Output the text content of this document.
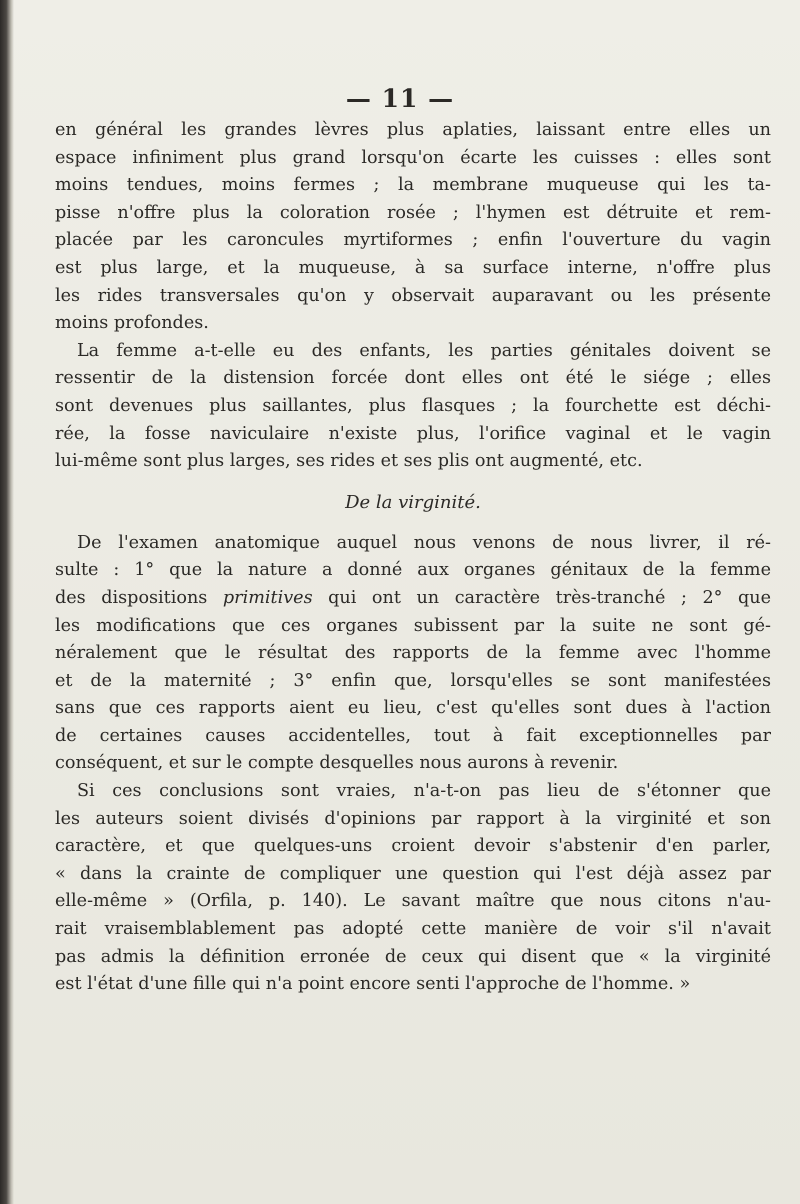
— 11 —
en général les grandes lèvres plus aplaties, laissant entre elles un
espace infiniment plus grand lorsqu'on écarte les cuisses : elles sont
moins tendues, moins fermes ; la membrane muqueuse qui les ta-
pisse n'offre plus la coloration rosée ; l'hymen est détruite et rem-
placée par les caroncules myrtiformes ; enfin l'ouverture du vagin
est plus large, et la muqueuse, à sa surface interne, n'offre plus
les rides transversales qu'on y observait auparavant ou les présente
moins profondes.
La femme a-t-elle eu des enfants, les parties génitales doivent se
ressentir de la distension forcée dont elles ont été le siége ; elles
sont devenues plus saillantes, plus flasques ; la fourchette est déchi-
rée, la fosse naviculaire n'existe plus, l'orifice vaginal et le vagin
lui-même sont plus larges, ses rides et ses plis ont augmenté, etc.
De la virginité.
De l'examen anatomique auquel nous venons de nous livrer, il ré-
sulte : 1° que la nature a donné aux organes génitaux de la femme
des dispositions primitives qui ont un caractère très-tranché ; 2° que
les modifications que ces organes subissent par la suite ne sont gé-
néralement que le résultat des rapports de la femme avec l'homme
et de la maternité ; 3° enfin que, lorsqu'elles se sont manifestées
sans que ces rapports aient eu lieu, c'est qu'elles sont dues à l'action
de certaines causes accidentelles, tout à fait exceptionnelles par
conséquent, et sur le compte desquelles nous aurons à revenir.
Si ces conclusions sont vraies, n'a-t-on pas lieu de s'étonner que
les auteurs soient divisés d'opinions par rapport à la virginité et son
caractère, et que quelques-uns croient devoir s'abstenir d'en parler,
« dans la crainte de compliquer une question qui l'est déjà assez par
elle-même » (Orfila, p. 140). Le savant maître que nous citons n'au-
rait vraisemblablement pas adopté cette manière de voir s'il n'avait
pas admis la définition erronée de ceux qui disent que « la virginité
est l'état d'une fille qui n'a point encore senti l'approche de l'homme. »
